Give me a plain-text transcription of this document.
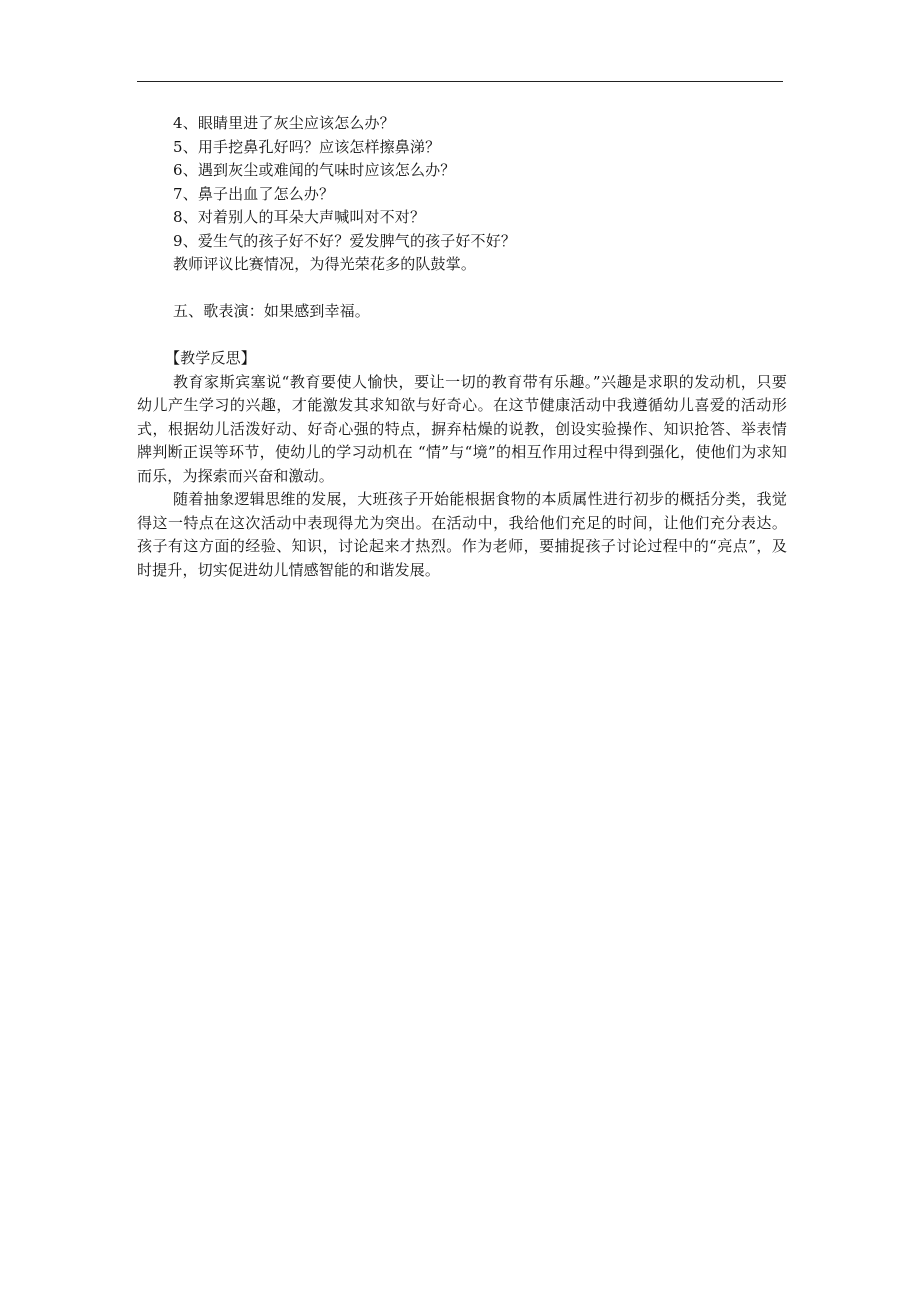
4、眼睛里进了灰尘应该怎么办？
5、用手挖鼻孔好吗？应该怎样擦鼻涕？
6、遇到灰尘或难闻的气味时应该怎么办？
7、鼻子出血了怎么办？
8、对着别人的耳朵大声喊叫对不对？
9、爱生气的孩子好不好？爱发脾气的孩子好不好？
教师评议比赛情况，为得光荣花多的队鼓掌。
五、歌表演：如果感到幸福。
【教学反思】

教育家斯宾塞说“教育要使人愉快，要让一切的教育带有乐趣。”兴趣是求职的发动机，只要幼儿产生学习的兴趣，才能激发其求知欲与好奇心。在这节健康活动中我遵循幼儿喜爱的活动形式，根据幼儿活泼好动、好奇心强的特点，摒弃枯燥的说教，创设实验操作、知识抢答、举表情牌判断正误等环节，使幼儿的学习动机在 “情”与“境”的相互作用过程中得到强化，使他们为求知而乐，为探索而兴奋和激动。

随着抽象逻辑思维的发展，大班孩子开始能根据食物的本质属性进行初步的概括分类，我觉得这一特点在这次活动中表现得尤为突出。在活动中，我给他们充足的时间，让他们充分表达。孩子有这方面的经验、知识，讨论起来才热烈。作为老师，要捕捉孩子讨论过程中的“亮点”，及时提升，切实促进幼儿情感智能的和谐发展。
